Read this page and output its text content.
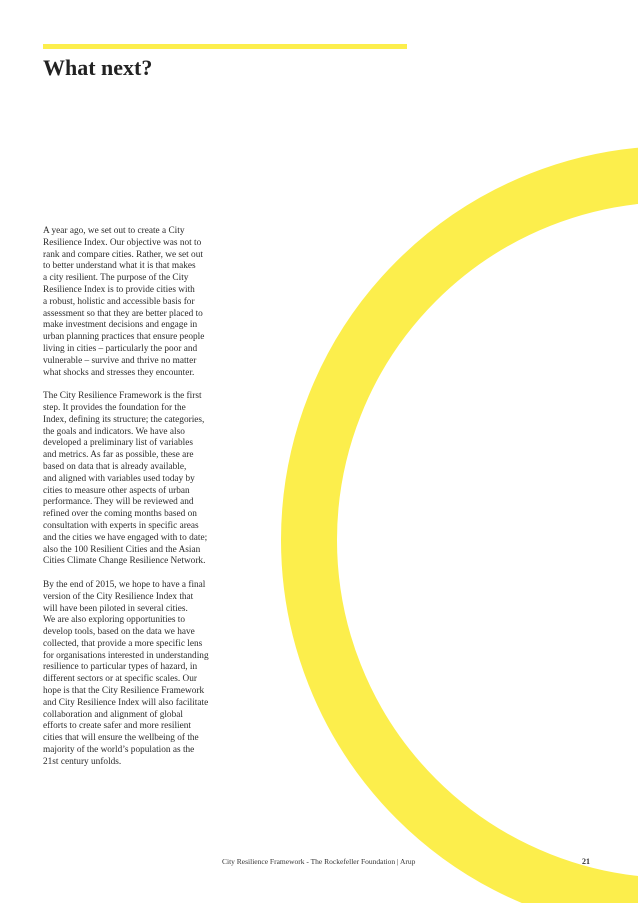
What next?

A year ago, we set out to create a City
Resilience Index. Our objective was not to
rank and compare cities. Rather, we set out
to better understand what it is that makes
a city resilient. The purpose of the City
Resilience Index is to provide cities with
a robust, holistic and accessible basis for
assessment so that they are better placed to
make investment decisions and engage in
urban planning practices that ensure people
living in cities – particularly the poor and
vulnerable – survive and thrive no matter
what shocks and stresses they encounter.

The City Resilience Framework is the first
step. It provides the foundation for the
Index, defining its structure; the categories,
the goals and indicators. We have also
developed a preliminary list of variables
and metrics. As far as possible, these are
based on data that is already available,
and aligned with variables used today by
cities to measure other aspects of urban
performance. They will be reviewed and
refined over the coming months based on
consultation with experts in specific areas
and the cities we have engaged with to date;
also the 100 Resilient Cities and the Asian
Cities Climate Change Resilience Network.

By the end of 2015, we hope to have a final
version of the City Resilience Index that
will have been piloted in several cities.
We are also exploring opportunities to
develop tools, based on the data we have
collected, that provide a more specific lens
for organisations interested in understanding
resilience to particular types of hazard, in
different sectors or at specific scales. Our
hope is that the City Resilience Framework
and City Resilience Index will also facilitate
collaboration and alignment of global
efforts to create safer and more resilient
cities that will ensure the wellbeing of the
majority of the world’s population as the
21st century unfolds.

City Resilience Framework - The Rockefeller Foundation | Arup	21
